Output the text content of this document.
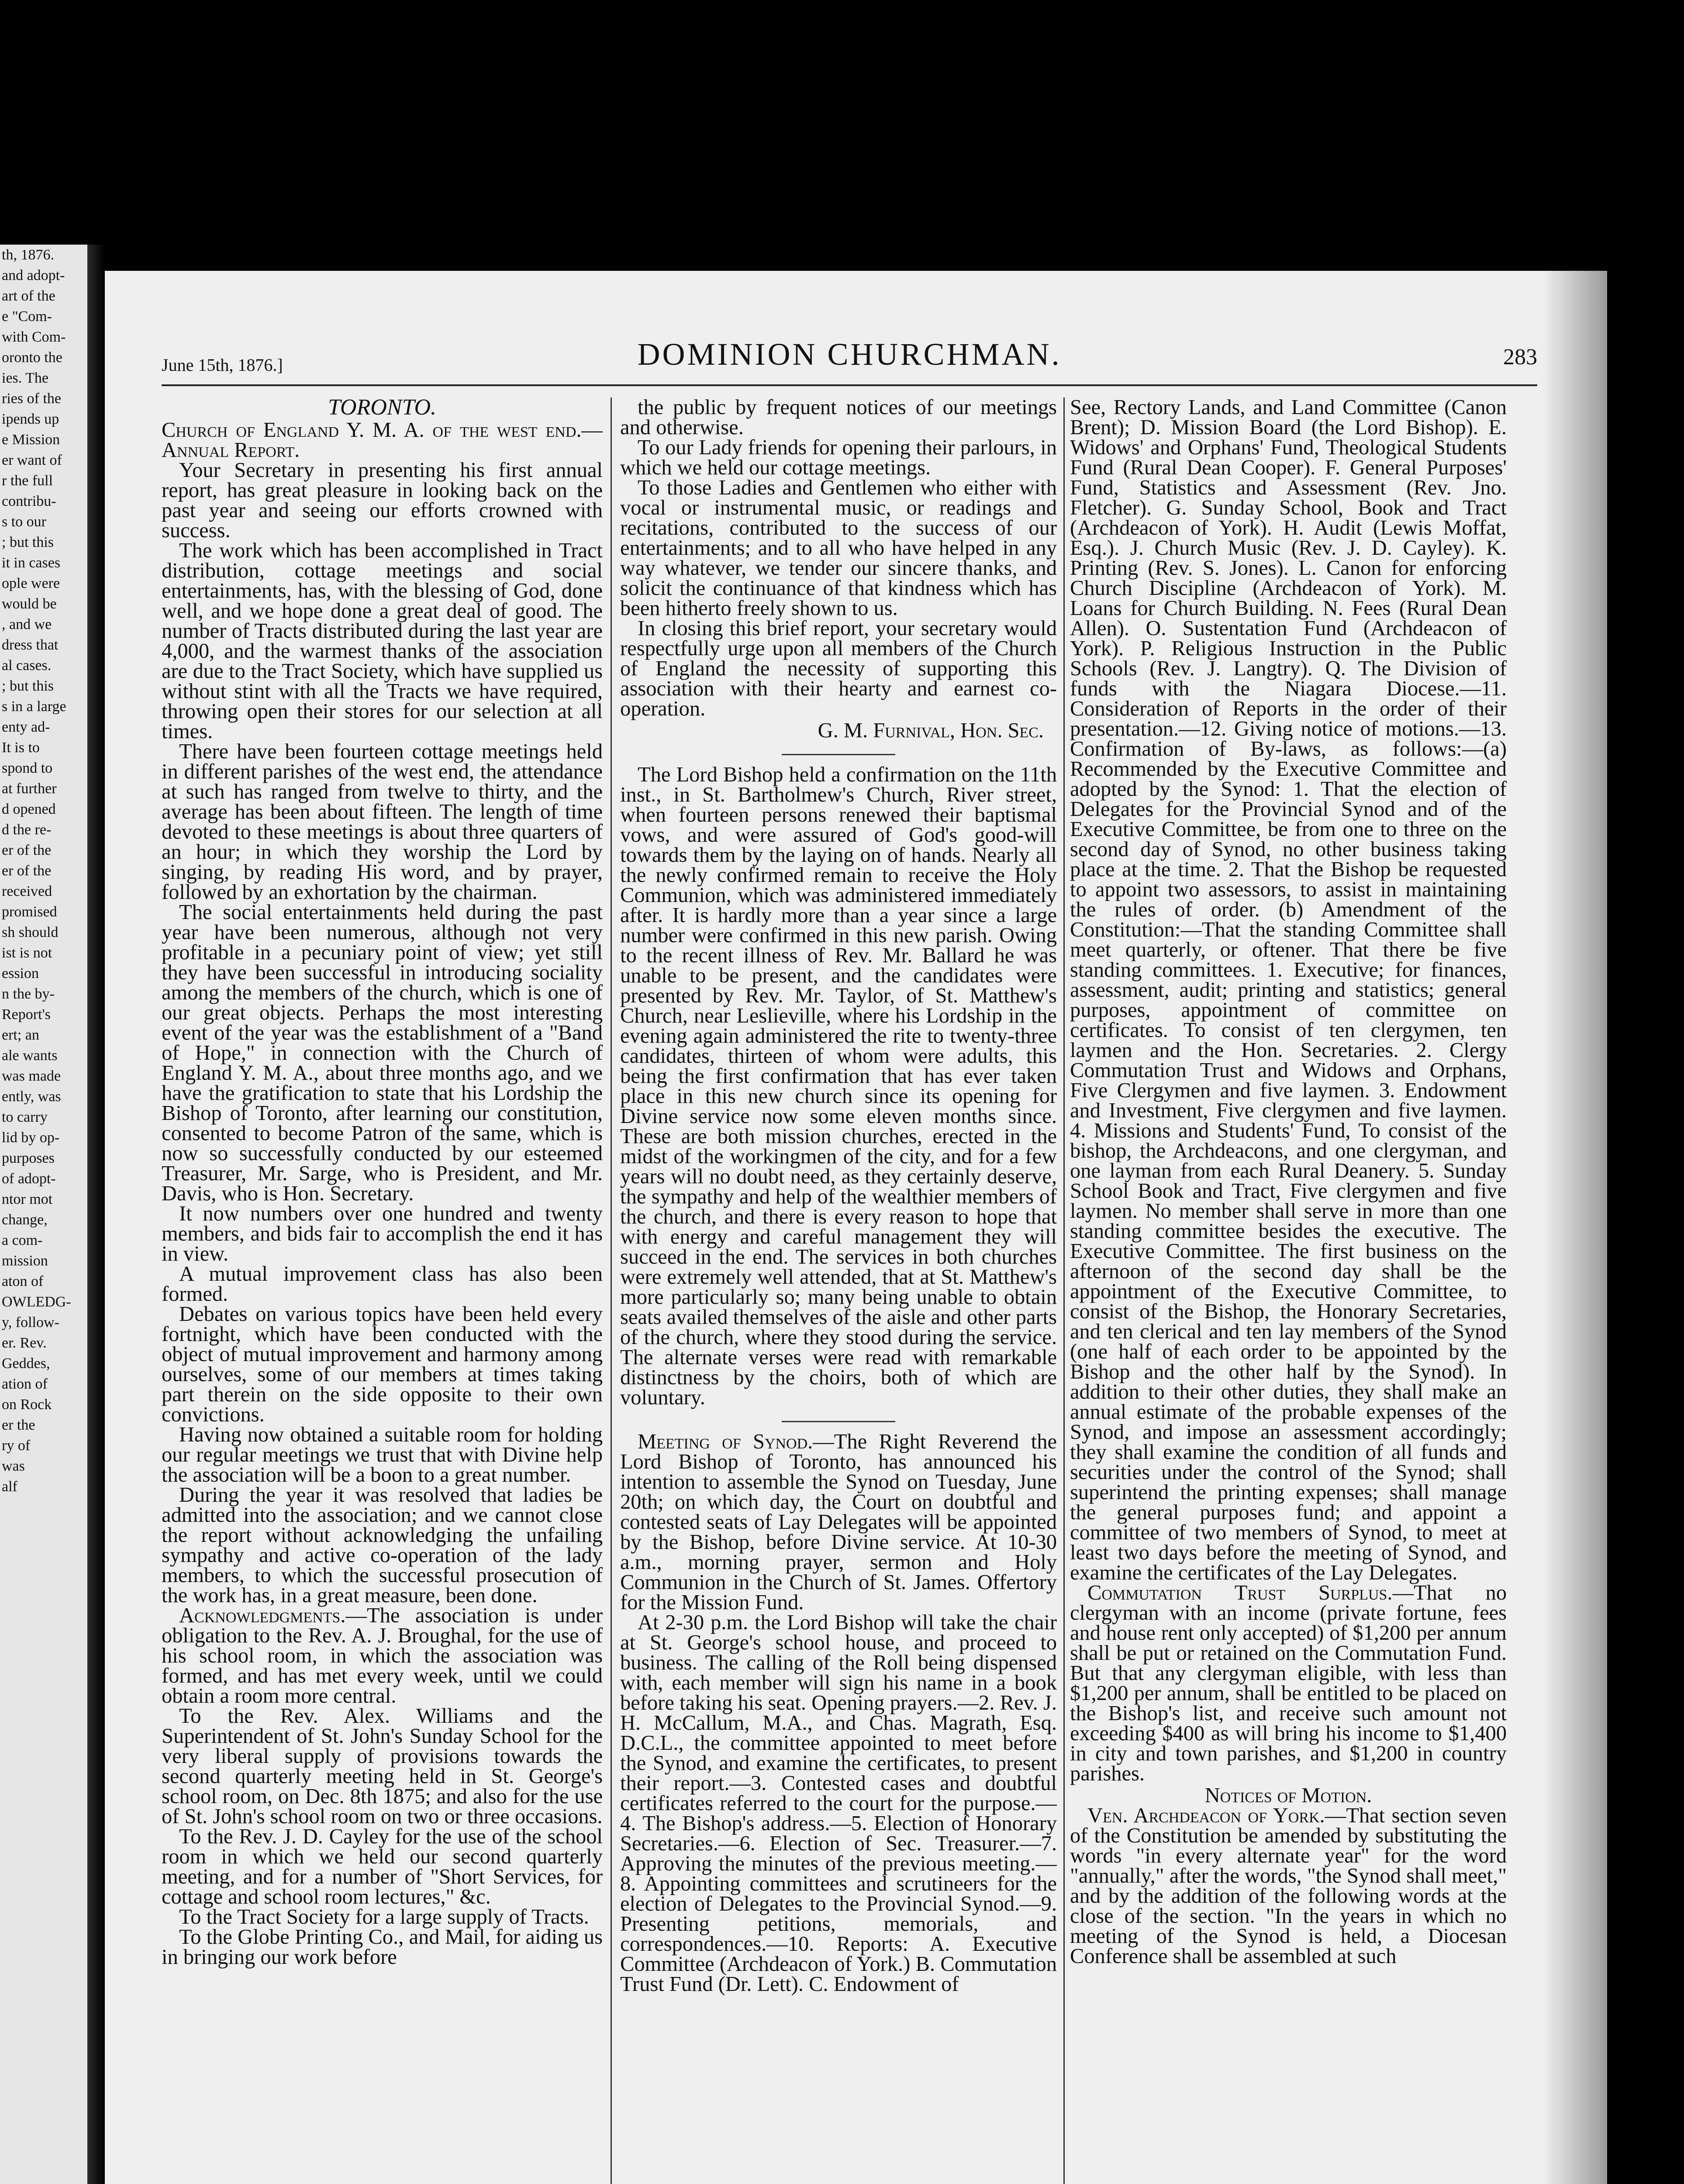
th, 1876.
and adopt-
art of the
e "Com-
with Com-
oronto the
ies. The
ries of the
ipends up
e Mission
er want of
r the full
contribu-
s to our
; but this
it in cases
ople were
would be
, and we
dress that
al cases.
; but this
s in a large
enty ad-
It is to
spond to
at further
d opened
d the re-
er of the
er of the
received
promised
sh should
ist is not
ession
n the by-
Report's
ert; an
ale wants
was made
ently, was
to carry
lid by op-
purposes
of adopt-
ntor mot
change,
a com-
mission
aton of
OWLEDG-
y, follow-
er. Rev.
Geddes,
ation of
on Rock
er the
ry of
was
alf
June 15th, 1876.]	DOMINION CHURCHMAN.	283
TORONTO.

Church of England Y. M. A. of the west end.—Annual Report.

Your Secretary in presenting his first annual report, has great pleasure in looking back on the past year and seeing our efforts crowned with success.

The work which has been accomplished in Tract distribution, cottage meetings and social entertainments, has, with the blessing of God, done well, and we hope done a great deal of good. The number of Tracts distributed during the last year are 4,000, and the warmest thanks of the association are due to the Tract Society, which have supplied us without stint with all the Tracts we have required, throwing open their stores for our selection at all times.

There have been fourteen cottage meetings held in different parishes of the west end, the attendance at such has ranged from twelve to thirty, and the average has been about fifteen. The length of time devoted to these meetings is about three quarters of an hour; in which they worship the Lord by singing, by reading His word, and by prayer, followed by an exhortation by the chairman.

The social entertainments held during the past year have been numerous, although not very profitable in a pecuniary point of view; yet still they have been successful in introducing sociality among the members of the church, which is one of our great objects. Perhaps the most interesting event of the year was the establishment of a "Band of Hope," in connection with the Church of England Y. M. A., about three months ago, and we have the gratification to state that his Lordship the Bishop of Toronto, after learning our constitution, consented to become Patron of the same, which is now so successfully conducted by our esteemed Treasurer, Mr. Sarge, who is President, and Mr. Davis, who is Hon. Secretary.

It now numbers over one hundred and twenty members, and bids fair to accomplish the end it has in view.

A mutual improvement class has also been formed.

Debates on various topics have been held every fortnight, which have been conducted with the object of mutual improvement and harmony among ourselves, some of our members at times taking part therein on the side opposite to their own convictions.

Having now obtained a suitable room for holding our regular meetings we trust that with Divine help the association will be a boon to a great number.

During the year it was resolved that ladies be admitted into the association; and we cannot close the report without acknowledging the unfailing sympathy and active co-operation of the lady members, to which the successful prosecution of the work has, in a great measure, been done.

Acknowledgments.—The association is under obligation to the Rev. A. J. Broughal, for the use of his school room, in which the association was formed, and has met every week, until we could obtain a room more central.

To the Rev. Alex. Williams and the Superintendent of St. John's Sunday School for the very liberal supply of provisions towards the second quarterly meeting held in St. George's school room, on Dec. 8th 1875; and also for the use of St. John's school room on two or three occasions.

To the Rev. J. D. Cayley for the use of the school room in which we held our second quarterly meeting, and for a number of "Short Services, for cottage and school room lectures," &c.

To the Tract Society for a large supply of Tracts.

To the Globe Printing Co., and Mail, for aiding us in bringing our work before

the public by frequent notices of our meetings and otherwise.

To our Lady friends for opening their parlours, in which we held our cottage meetings.

To those Ladies and Gentlemen who either with vocal or instrumental music, or readings and recitations, contributed to the success of our entertainments; and to all who have helped in any way whatever, we tender our sincere thanks, and solicit the continuance of that kindness which has been hitherto freely shown to us.

In closing this brief report, your secretary would respectfully urge upon all members of the Church of England the necessity of supporting this association with their hearty and earnest co-operation.

G. M. Furnival, Hon. Sec.

The Lord Bishop held a confirmation on the 11th inst., in St. Bartholmew's Church, River street, when fourteen persons renewed their baptismal vows, and were assured of God's good-will towards them by the laying on of hands. Nearly all the newly confirmed remain to receive the Holy Communion, which was administered immediately after. It is hardly more than a year since a large number were confirmed in this new parish. Owing to the recent illness of Rev. Mr. Ballard he was unable to be present, and the candidates were presented by Rev. Mr. Taylor, of St. Matthew's Church, near Leslieville, where his Lordship in the evening again administered the rite to twenty-three candidates, thirteen of whom were adults, this being the first confirmation that has ever taken place in this new church since its opening for Divine service now some eleven months since. These are both mission churches, erected in the midst of the workingmen of the city, and for a few years will no doubt need, as they certainly deserve, the sympathy and help of the wealthier members of the church, and there is every reason to hope that with energy and careful management they will succeed in the end. The services in both churches were extremely well attended, that at St. Matthew's more particularly so; many being unable to obtain seats availed themselves of the aisle and other parts of the church, where they stood during the service. The alternate verses were read with remarkable distinctness by the choirs, both of which are voluntary.

Meeting of Synod.—The Right Reverend the Lord Bishop of Toronto, has announced his intention to assemble the Synod on Tuesday, June 20th; on which day, the Court on doubtful and contested seats of Lay Delegates will be appointed by the Bishop, before Divine service. At 10-30 a.m., morning prayer, sermon and Holy Communion in the Church of St. James. Offertory for the Mission Fund.

At 2-30 p.m. the Lord Bishop will take the chair at St. George's school house, and proceed to business. The calling of the Roll being dispensed with, each member will sign his name in a book before taking his seat. Opening prayers.—2. Rev. J. H. McCallum, M.A., and Chas. Magrath, Esq. D.C.L., the committee appointed to meet before the Synod, and examine the certificates, to present their report.—3. Contested cases and doubtful certificates referred to the court for the purpose.—4. The Bishop's address.—5. Election of Honorary Secretaries.—6. Election of Sec. Treasurer.—7. Approving the minutes of the previous meeting.—8. Appointing committees and scrutineers for the election of Delegates to the Provincial Synod.—9. Presenting petitions, memorials, and correspondences.—10. Reports: A. Executive Committee (Archdeacon of York.) B. Commutation Trust Fund (Dr. Lett). C. Endowment of

See, Rectory Lands, and Land Committee (Canon Brent); D. Mission Board (the Lord Bishop). E. Widows' and Orphans' Fund, Theological Students Fund (Rural Dean Cooper). F. General Purposes' Fund, Statistics and Assessment (Rev. Jno. Fletcher). G. Sunday School, Book and Tract (Archdeacon of York). H. Audit (Lewis Moffat, Esq.). J. Church Music (Rev. J. D. Cayley). K. Printing (Rev. S. Jones). L. Canon for enforcing Church Discipline (Archdeacon of York). M. Loans for Church Building. N. Fees (Rural Dean Allen). O. Sustentation Fund (Archdeacon of York). P. Religious Instruction in the Public Schools (Rev. J. Langtry). Q. The Division of funds with the Niagara Diocese.—11. Consideration of Reports in the order of their presentation.—12. Giving notice of motions.—13. Confirmation of By-laws, as follows:—(a) Recommended by the Executive Committee and adopted by the Synod: 1. That the election of Delegates for the Provincial Synod and of the Executive Committee, be from one to three on the second day of Synod, no other business taking place at the time. 2. That the Bishop be requested to appoint two assessors, to assist in maintaining the rules of order. (b) Amendment of the Constitution:—That the standing Committee shall meet quarterly, or oftener. That there be five standing committees. 1. Executive; for finances, assessment, audit; printing and statistics; general purposes, appointment of committee on certificates. To consist of ten clergymen, ten laymen and the Hon. Secretaries. 2. Clergy Commutation Trust and Widows and Orphans, Five Clergymen and five laymen. 3. Endowment and Investment, Five clergymen and five laymen. 4. Missions and Students' Fund, To consist of the bishop, the Archdeacons, and one clergyman, and one layman from each Rural Deanery. 5. Sunday School Book and Tract, Five clergymen and five laymen. No member shall serve in more than one standing committee besides the executive. The Executive Committee. The first business on the afternoon of the second day shall be the appointment of the Executive Committee, to consist of the Bishop, the Honorary Secretaries, and ten clerical and ten lay members of the Synod (one half of each order to be appointed by the Bishop and the other half by the Synod). In addition to their other duties, they shall make an annual estimate of the probable expenses of the Synod, and impose an assessment accordingly; they shall examine the condition of all funds and securities under the control of the Synod; shall superintend the printing expenses; shall manage the general purposes fund; and appoint a committee of two members of Synod, to meet at least two days before the meeting of Synod, and examine the certificates of the Lay Delegates.

Commutation Trust Surplus.—That no clergyman with an income (private fortune, fees and house rent only accepted) of $1,200 per annum shall be put or retained on the Commutation Fund. But that any clergyman eligible, with less than $1,200 per annum, shall be entitled to be placed on the Bishop's list, and receive such amount not exceeding $400 as will bring his income to $1,400 in city and town parishes, and $1,200 in country parishes.

Notices of Motion.

Ven. Archdeacon of York.—That section seven of the Constitution be amended by substituting the words "in every alternate year" for the word "annually," after the words, "the Synod shall meet," and by the addition of the following words at the close of the section. "In the years in which no meeting of the Synod is held, a Diocesan Conference shall be assembled at such
